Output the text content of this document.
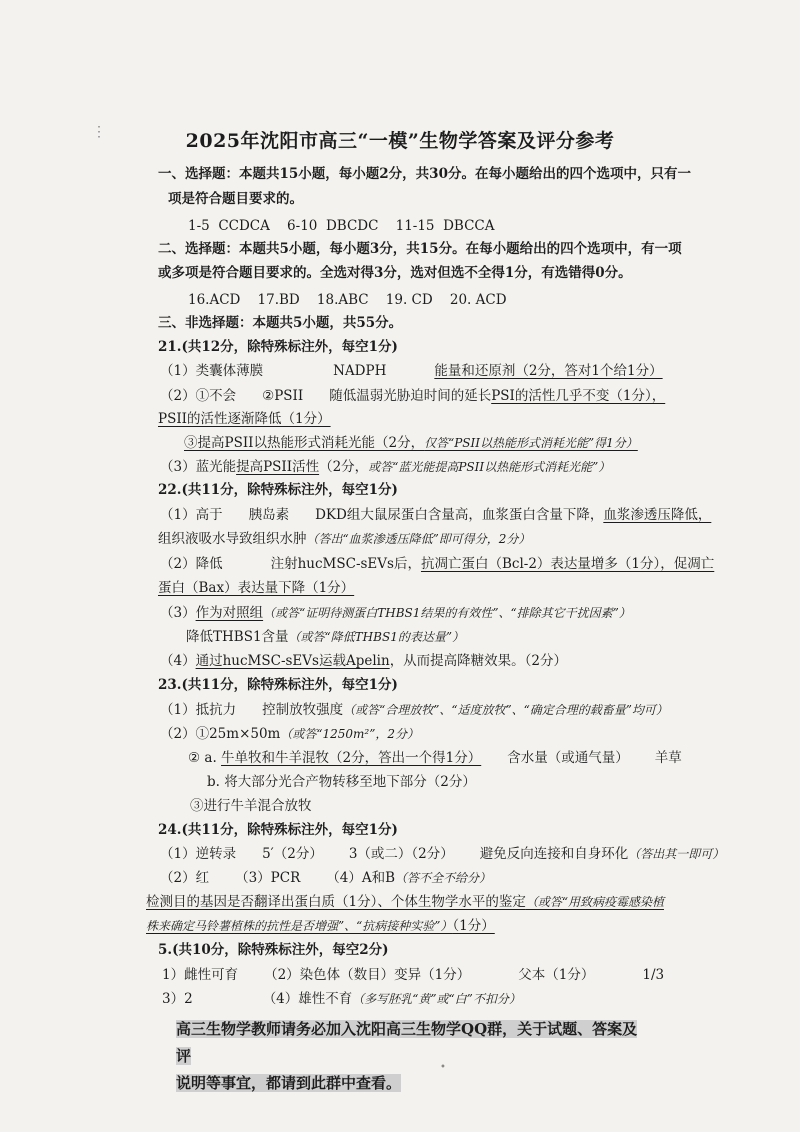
⋮	2025年沈阳市高三“一模”生物学答案及评分参考
一、选择题：本题共15小题，每小题2分，共30分。在每小题给出的四个选项中，只有一
项是符合题目要求的。
1-5  CCDCA    6-10  DBCDC    11-15  DBCCA
二、选择题：本题共5小题，每小题3分，共15分。在每小题给出的四个选项中，有一项
或多项是符合题目要求的。全选对得3分，选对但选不全得1分，有选错得0分。
16.ACD    17.BD    18.ABC    19. CD    20. ACD
三、非选择题：本题共5小题，共55分。
21.(共12分，除特殊标注外，每空1分)
（1）类囊体薄膜	NADPH	能量和还原剂（2分，答对1个给1分）
（2）①不会 ②PSII 随低温弱光胁迫时间的延长PSI的活性几乎不变（1分），
PSII的活性逐渐降低（1分）
③提高PSII以热能形式消耗光能（2分，仅答“PSII以热能形式消耗光能”得1分）
（3）蓝光能提高PSII活性（2分，或答“蓝光能提高PSII以热能形式消耗光能”）
22.(共11分，除特殊标注外，每空1分)
（1）高于 胰岛素 DKD组大鼠尿蛋白含量高，血浆蛋白含量下降，血浆渗透压降低，
组织液吸水导致组织水肿（答出“血浆渗透压降低”即可得分，2分）
（2）降低	注射hucMSC-sEVs后，抗凋亡蛋白（Bcl-2）表达量增多（1分），促凋亡
蛋白（Bax）表达量下降（1分）
（3）作为对照组（或答“证明待测蛋白THBS1结果的有效性”、“排除其它干扰因素”）
降低THBS1含量（或答“降低THBS1的表达量”）
（4）通过hucMSC-sEVs运载Apelin，从而提高降糖效果。（2分）
23.(共11分，除特殊标注外，每空1分)
（1）抵抗力 控制放牧强度（或答“合理放牧”、“适度放牧”、“确定合理的载畜量”均可）
（2）①25m×50m（或答“1250m²”，2分）
② a. 牛单牧和牛羊混牧（2分，答出一个得1分） 含水量（或通气量） 羊草
b. 将大部分光合产物转移至地下部分（2分）
③进行牛羊混合放牧
24.(共11分，除特殊标注外，每空1分)
（1）逆转录 5′（2分） 3（或二）（2分） 避免反向连接和自身环化（答出其一即可）
（2）红 （3）PCR （4）A和B（答不全不给分）
检测目的基因是否翻译出蛋白质（1分）、个体生物学水平的鉴定（或答“用致病疫霉感染植
株来确定马铃薯植株的抗性是否增强”、“抗病接种实验”）（1分）
5.(共10分，除特殊标注外，每空2分)
1）雌性可育 （2）染色体（数目）变异（1分）	父本（1分）	1/3
3）2	（4）雄性不育（多写胚乳“黄”或“白”不扣分）
高三生物学教师请务必加入沈阳高三生物学QQ群，关于试题、答案及评
说明等事宜，都请到此群中查看。
•
